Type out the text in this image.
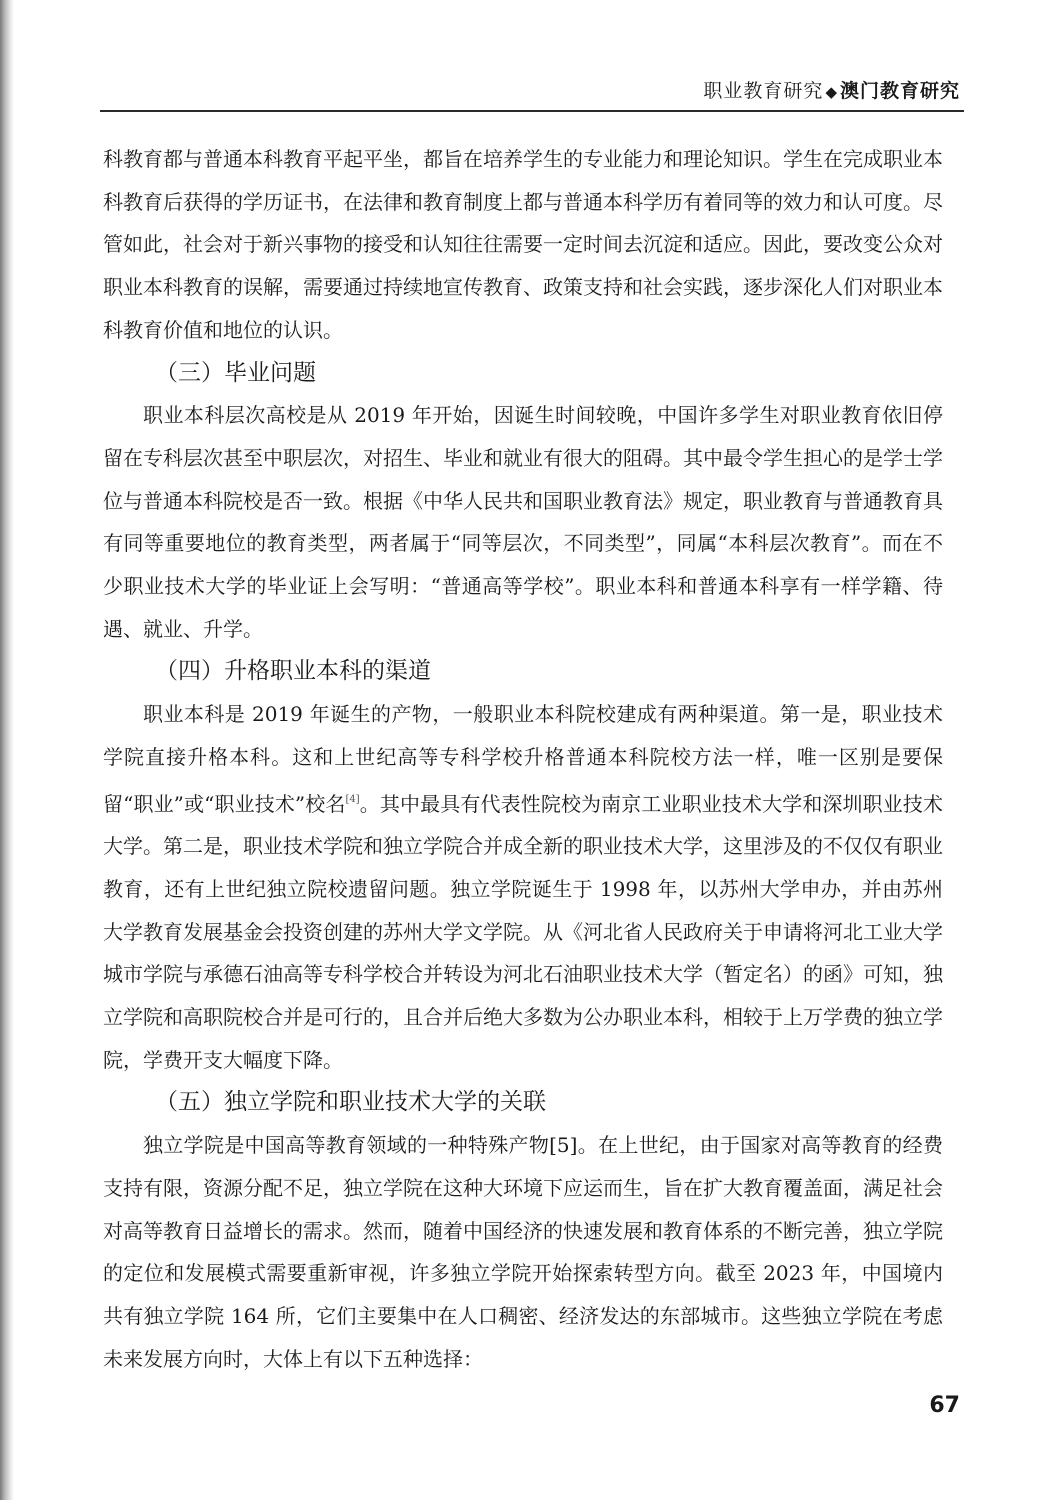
职业教育研究 ◆ 澳门教育研究

科教育都与普通本科教育平起平坐，都旨在培养学生的专业能力和理论知识。学生在完成职业本科教育后获得的学历证书，在法律和教育制度上都与普通本科学历有着同等的效力和认可度。尽管如此，社会对于新兴事物的接受和认知往往需要一定时间去沉淀和适应。因此，要改变公众对职业本科教育的误解，需要通过持续地宣传教育、政策支持和社会实践，逐步深化人们对职业本科教育价值和地位的认识。

（三）毕业问题

职业本科层次高校是从 2019 年开始，因诞生时间较晚，中国许多学生对职业教育依旧停留在专科层次甚至中职层次，对招生、毕业和就业有很大的阻碍。其中最令学生担心的是学士学位与普通本科院校是否一致。根据《中华人民共和国职业教育法》规定，职业教育与普通教育具有同等重要地位的教育类型，两者属于“同等层次，不同类型”，同属“本科层次教育”。而在不少职业技术大学的毕业证上会写明：“普通高等学校”。职业本科和普通本科享有一样学籍、待遇、就业、升学。

（四）升格职业本科的渠道

职业本科是 2019 年诞生的产物，一般职业本科院校建成有两种渠道。第一是，职业技术学院直接升格本科。这和上世纪高等专科学校升格普通本科院校方法一样，唯一区别是要保留“职业”或“职业技术”校名[4]。其中最具有代表性院校为南京工业职业技术大学和深圳职业技术大学。第二是，职业技术学院和独立学院合并成全新的职业技术大学，这里涉及的不仅仅有职业教育，还有上世纪独立院校遗留问题。独立学院诞生于 1998 年，以苏州大学申办，并由苏州大学教育发展基金会投资创建的苏州大学文学院。从《河北省人民政府关于申请将河北工业大学城市学院与承德石油高等专科学校合并转设为河北石油职业技术大学（暂定名）的函》可知，独立学院和高职院校合并是可行的，且合并后绝大多数为公办职业本科，相较于上万学费的独立学院，学费开支大幅度下降。

（五）独立学院和职业技术大学的关联

独立学院是中国高等教育领域的一种特殊产物[5]。在上世纪，由于国家对高等教育的经费支持有限，资源分配不足，独立学院在这种大环境下应运而生，旨在扩大教育覆盖面，满足社会对高等教育日益增长的需求。然而，随着中国经济的快速发展和教育体系的不断完善，独立学院的定位和发展模式需要重新审视，许多独立学院开始探索转型方向。截至 2023 年，中国境内共有独立学院 164 所，它们主要集中在人口稠密、经济发达的东部城市。这些独立学院在考虑未来发展方向时，大体上有以下五种选择：

67
